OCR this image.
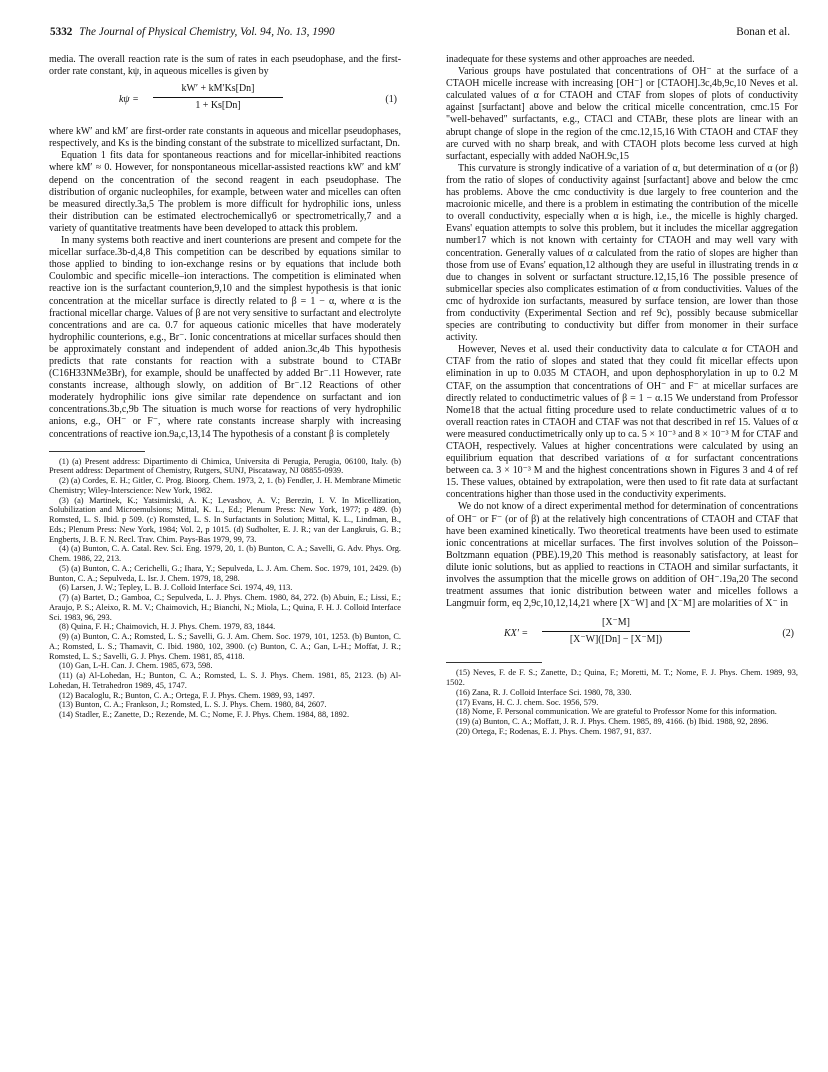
5332 The Journal of Physical Chemistry, Vol. 94, No. 13, 1990	Bonan et al.

media. The overall reaction rate is the sum of rates in each pseudophase, and the first-order rate constant, kψ, in aqueous micelles is given by

$k\psi = \frac{kW' + kM'Ks[Dn]}{1 + Ks[Dn]}$	(1)

where kW′ and kM′ are first-order rate constants in aqueous and micellar pseudophases, respectively, and Ks is the binding constant of the substrate to micellized surfactant, Dn.

Equation 1 fits data for spontaneous reactions and for micellar-inhibited reactions where kM′ ≈ 0. However, for nonspontaneous micellar-assisted reactions kW′ and kM′ depend on the concentration of the second reagent in each pseudophase. The distribution of organic nucleophiles, for example, between water and micelles can often be measured directly.3a,5 The problem is more difficult for hydrophilic ions, unless their distribution can be estimated electrochemically6 or spectrometrically,7 and a variety of quantitative treatments have been developed to attack this problem.

In many systems both reactive and inert counterions are present and compete for the micellar surface.3b-d,4,8 This competition can be described by equations similar to those applied to binding to ion-exchange resins or by equations that include both Coulombic and specific micelle–ion interactions. The competition is eliminated when reactive ion is the surfactant counterion,9,10 and the simplest hypothesis is that ionic concentration at the micellar surface is directly related to β = 1 − α, where α is the fractional micellar charge. Values of β are not very sensitive to surfactant and electrolyte concentrations and are ca. 0.7 for aqueous cationic micelles that have moderately hydrophilic counterions, e.g., Br⁻. Ionic concentrations at micellar surfaces should then be approximately constant and independent of added anion.3c,4b This hypothesis predicts that rate constants for reaction with a substrate bound to CTABr (C16H33NMe3Br), for example, should be unaffected by added Br⁻.11 However, rate constants increase, although slowly, on addition of Br⁻.12 Reactions of other moderately hydrophilic ions give similar rate dependence on surfactant and ion concentrations.3b,c,9b The situation is much worse for reactions of very hydrophilic anions, e.g., OH⁻ or F⁻, where rate constants increase sharply with increasing concentrations of reactive ion.9a,c,13,14 The hypothesis of a constant β is completely

(1) (a) Present address: Dipartimento di Chimica, Universita di Perugia, Perugia, 06100, Italy. (b) Present address: Department of Chemistry, Rutgers, SUNJ, Piscataway, NJ 08855-0939.
(2) (a) Cordes, E. H.; Gitler, C. Prog. Bioorg. Chem. 1973, 2, 1. (b) Fendler, J. H. Membrane Mimetic Chemistry; Wiley-Interscience: New York, 1982.
(3) (a) Martinek, K.; Yatsimirski, A. K.; Levashov, A. V.; Berezin, I. V. In Micellization, Solubilization and Microemulsions; Mittal, K. L., Ed.; Plenum Press: New York, 1977; p 489. (b) Romsted, L. S. Ibid. p 509. (c) Romsted, L. S. In Surfactants in Solution; Mittal, K. L., Lindman, B., Eds.; Plenum Press: New York, 1984; Vol. 2, p 1015. (d) Sudholter, E. J. R.; van der Langkruis, G. B.; Engberts, J. B. F. N. Recl. Trav. Chim. Pays-Bas 1979, 99, 73.
(4) (a) Bunton, C. A. Catal. Rev. Sci. Eng. 1979, 20, 1. (b) Bunton, C. A.; Savelli, G. Adv. Phys. Org. Chem. 1986, 22, 213.
(5) (a) Bunton, C. A.; Cerichelli, G.; Ihara, Y.; Sepulveda, L. J. Am. Chem. Soc. 1979, 101, 2429. (b) Bunton, C. A.; Sepulveda, L. Isr. J. Chem. 1979, 18, 298.
(6) Larsen, J. W.; Tepley, L. B. J. Colloid Interface Sci. 1974, 49, 113.
(7) (a) Bartet, D.; Gamboa, C.; Sepulveda, L. J. Phys. Chem. 1980, 84, 272. (b) Abuin, E.; Lissi, E.; Araujo, P. S.; Aleixo, R. M. V.; Chaimovich, H.; Bianchi, N.; Miola, L.; Quina, F. H. J. Colloid Interface Sci. 1983, 96, 293.
(8) Quina, F. H.; Chaimovich, H. J. Phys. Chem. 1979, 83, 1844.
(9) (a) Bunton, C. A.; Romsted, L. S.; Savelli, G. J. Am. Chem. Soc. 1979, 101, 1253. (b) Bunton, C. A.; Romsted, L. S.; Thamavit, C. Ibid. 1980, 102, 3900. (c) Bunton, C. A.; Gan, L-H.; Moffat, J. R.; Romsted, L. S.; Savelli, G. J. Phys. Chem. 1981, 85, 4118.
(10) Gan, L-H. Can. J. Chem. 1985, 673, 598.
(11) (a) Al-Lohedan, H.; Bunton, C. A.; Romsted, L. S. J. Phys. Chem. 1981, 85, 2123. (b) Al-Lohedan, H. Tetrahedron 1989, 45, 1747.
(12) Bacaloglu, R.; Bunton, C. A.; Ortega, F. J. Phys. Chem. 1989, 93, 1497.
(13) Bunton, C. A.; Frankson, J.; Romsted, L. S. J. Phys. Chem. 1980, 84, 2607.
(14) Stadler, E.; Zanette, D.; Rezende, M. C.; Nome, F. J. Phys. Chem. 1984, 88, 1892.

inadequate for these systems and other approaches are needed.

Various groups have postulated that concentrations of OH⁻ at the surface of a CTAOH micelle increase with increasing [OH⁻] or [CTAOH].3c,4b,9c,10 Neves et al. calculated values of α for CTAOH and CTAF from slopes of plots of conductivity against [surfactant] above and below the critical micelle concentration, cmc.15 For "well-behaved" surfactants, e.g., CTACl and CTABr, these plots are linear with an abrupt change of slope in the region of the cmc.12,15,16 With CTAOH and CTAF they are curved with no sharp break, and with CTAOH plots become less curved at high surfactant, especially with added NaOH.9c,15

This curvature is strongly indicative of a variation of α, but determination of α (or β) from the ratio of slopes of conductivity against [surfactant] above and below the cmc has problems. Above the cmc conductivity is due largely to free counterion and the macroionic micelle, and there is a problem in estimating the contribution of the micelle to overall conductivity, especially when α is high, i.e., the micelle is highly charged. Evans' equation attempts to solve this problem, but it includes the micellar aggregation number17 which is not known with certainty for CTAOH and may well vary with concentration. Generally values of α calculated from the ratio of slopes are higher than those from use of Evans' equation,12 although they are useful in illustrating trends in α due to changes in solvent or surfactant structure.12,15,16 The possible presence of submicellar species also complicates estimation of α from conductivities. Values of the cmc of hydroxide ion surfactants, measured by surface tension, are lower than those from conductivity (Experimental Section and ref 9c), possibly because submicellar species are contributing to conductivity but differ from monomer in their surface activity.

However, Neves et al. used their conductivity data to calculate α for CTAOH and CTAF from the ratio of slopes and stated that they could fit micellar effects upon elimination in up to 0.035 M CTAOH, and upon dephosphorylation in up to 0.2 M CTAF, on the assumption that concentrations of OH⁻ and F⁻ at micellar surfaces are directly related to conductimetric values of β = 1 − α.15 We understand from Professor Nome18 that the actual fitting procedure used to relate conductimetric values of α to overall reaction rates in CTAOH and CTAF was not that described in ref 15. Values of α were measured conductimetrically only up to ca. 5 × 10⁻³ and 8 × 10⁻³ M for CTAF and CTAOH, respectively. Values at higher concentrations were calculated by using an equilibrium equation that described variations of α for surfactant concentrations between ca. 3 × 10⁻³ M and the highest concentrations shown in Figures 3 and 4 of ref 15. These values, obtained by extrapolation, were then used to fit rate data at surfactant concentrations higher than those used in the conductivity experiments.

We do not know of a direct experimental method for determination of concentrations of OH⁻ or F⁻ (or of β) at the relatively high concentrations of CTAOH and CTAF that have been examined kinetically. Two theoretical treatments have been used to estimate ionic concentrations at micellar surfaces. The first involves solution of the Poisson–Boltzmann equation (PBE).19,20 This method is reasonably satisfactory, at least for dilute ionic solutions, but as applied to reactions in CTAOH and similar surfactants, it involves the assumption that the micelle grows on addition of OH⁻.19a,20 The second treatment assumes that ionic distribution between water and micelles follows a Langmuir form, eq 2,9c,10,12,14,21 where [X⁻W] and [X⁻M] are molarities of X⁻ in

$KX' = \frac{[X^-M]}{[X^-W]([Dn] - [X^-M])}$	(2)
(15) Neves, F. de F. S.; Zanette, D.; Quina, F.; Moretti, M. T.; Nome, F. J. Phys. Chem. 1989, 93, 1502.
(16) Zana, R. J. Colloid Interface Sci. 1980, 78, 330.
(17) Evans, H. C. J. chem. Soc. 1956, 579.
(18) Nome, F. Personal communication. We are grateful to Professor Nome for this information.
(19) (a) Bunton, C. A.; Moffatt, J. R. J. Phys. Chem. 1985, 89, 4166. (b) Ibid. 1988, 92, 2896.
(20) Ortega, F.; Rodenas, E. J. Phys. Chem. 1987, 91, 837.
